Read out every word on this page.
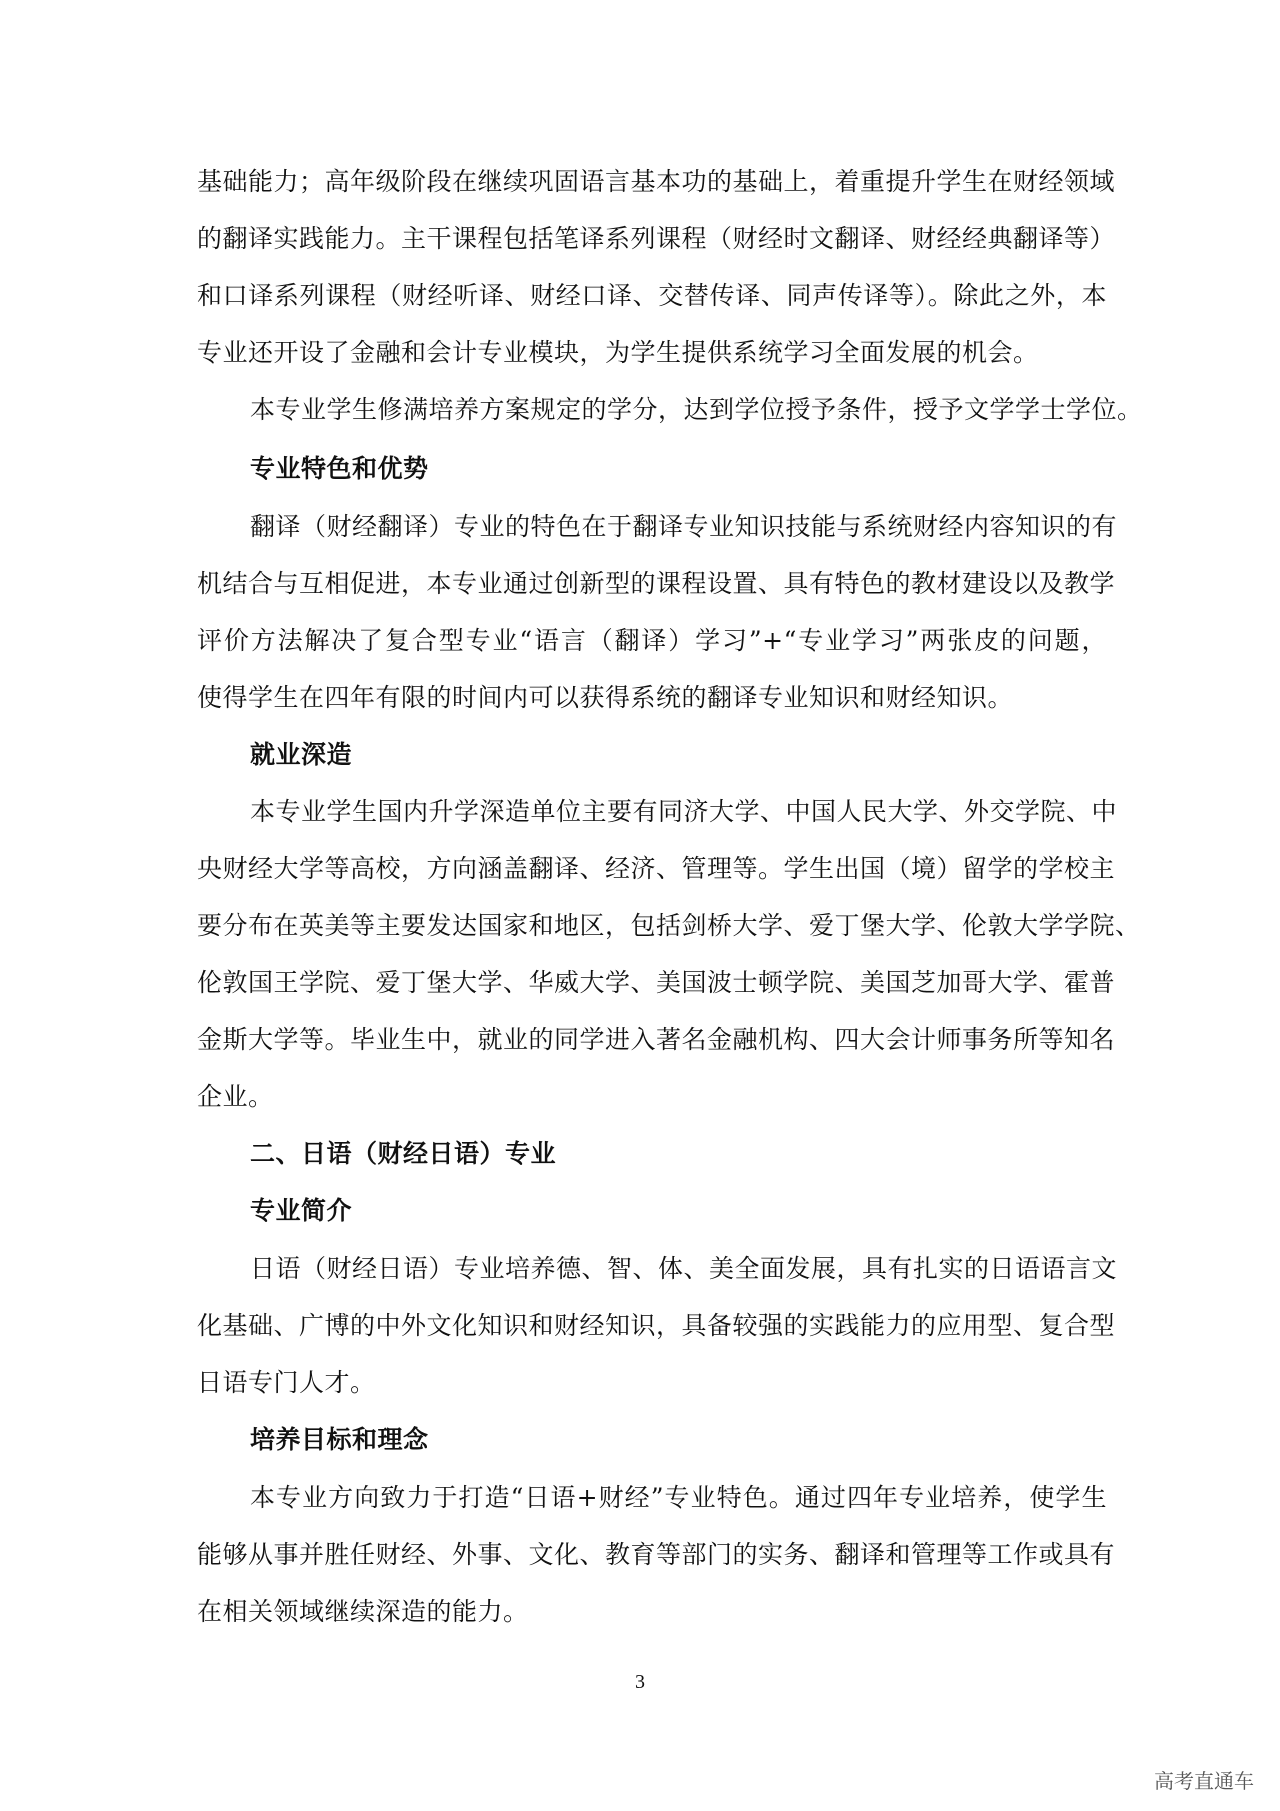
基础能力；高年级阶段在继续巩固语言基本功的基础上，着重提升学生在财经领域
的翻译实践能力。主干课程包括笔译系列课程（财经时文翻译、财经经典翻译等）
和口译系列课程（财经听译、财经口译、交替传译、同声传译等）。除此之外，本
专业还开设了金融和会计专业模块，为学生提供系统学习全面发展的机会。
本专业学生修满培养方案规定的学分，达到学位授予条件，授予文学学士学位。
专业特色和优势
翻译（财经翻译）专业的特色在于翻译专业知识技能与系统财经内容知识的有
机结合与互相促进，本专业通过创新型的课程设置、具有特色的教材建设以及教学
评价方法解决了复合型专业“语言（翻译）学习”+“专业学习”两张皮的问题，
使得学生在四年有限的时间内可以获得系统的翻译专业知识和财经知识。
就业深造
本专业学生国内升学深造单位主要有同济大学、中国人民大学、外交学院、中
央财经大学等高校，方向涵盖翻译、经济、管理等。学生出国（境）留学的学校主
要分布在英美等主要发达国家和地区，包括剑桥大学、爱丁堡大学、伦敦大学学院、
伦敦国王学院、爱丁堡大学、华威大学、美国波士顿学院、美国芝加哥大学、霍普
金斯大学等。毕业生中，就业的同学进入著名金融机构、四大会计师事务所等知名
企业。
二、日语（财经日语）专业
专业简介
日语（财经日语）专业培养德、智、体、美全面发展，具有扎实的日语语言文
化基础、广博的中外文化知识和财经知识，具备较强的实践能力的应用型、复合型
日语专门人才。
培养目标和理念
本专业方向致力于打造“日语+财经”专业特色。通过四年专业培养，使学生
能够从事并胜任财经、外事、文化、教育等部门的实务、翻译和管理等工作或具有
在相关领域继续深造的能力。
3
高考直通车
